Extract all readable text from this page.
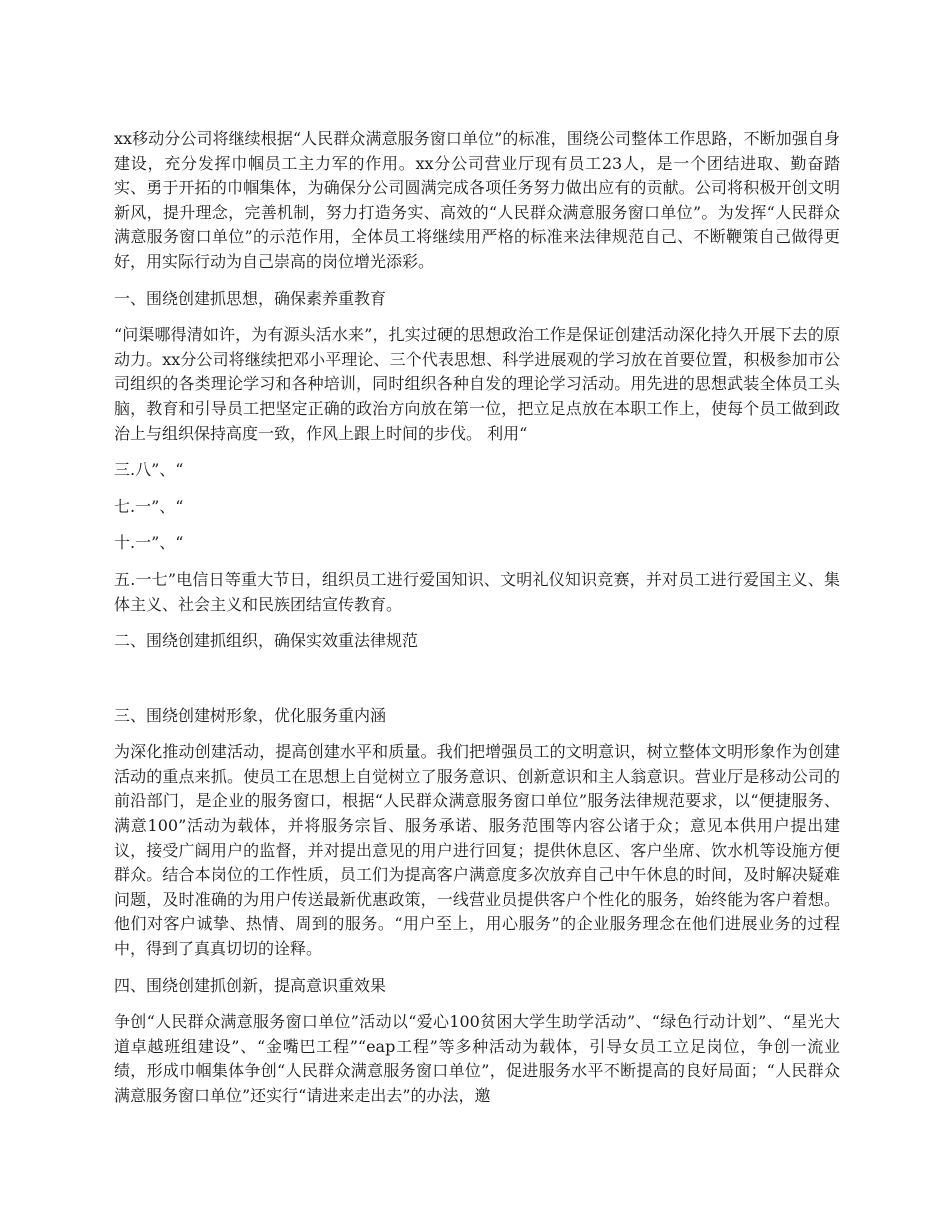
xx移动分公司将继续根据“人民群众满意服务窗口单位”的标准，围绕公司整体工作思路，不断加强自身建设，充分发挥巾帼员工主力军的作用。xx分公司营业厅现有员工23人，是一个团结进取、勤奋踏实、勇于开拓的巾帼集体，为确保分公司圆满完成各项任务努力做出应有的贡献。公司将积极开创文明新风，提升理念，完善机制，努力打造务实、高效的“人民群众满意服务窗口单位”。为发挥“人民群众满意服务窗口单位”的示范作用，全体员工将继续用严格的标准来法律规范自己、不断鞭策自己做得更好，用实际行动为自己崇高的岗位增光添彩。

一、围绕创建抓思想，确保素养重教育

“问渠哪得清如许，为有源头活水来”，扎实过硬的思想政治工作是保证创建活动深化持久开展下去的原动力。xx分公司将继续把邓小平理论、三个代表思想、科学进展观的学习放在首要位置，积极参加市公司组织的各类理论学习和各种培训，同时组织各种自发的理论学习活动。用先进的思想武装全体员工头脑，教育和引导员工把坚定正确的政治方向放在第一位，把立足点放在本职工作上，使每个员工做到政治上与组织保持高度一致，作风上跟上时间的步伐。 利用“

三.八”、“

七.一”、“

十.一”、“

五.一七”电信日等重大节日，组织员工进行爱国知识、文明礼仪知识竞赛，并对员工进行爱国主义、集体主义、社会主义和民族团结宣传教育。

二、围绕创建抓组织，确保实效重法律规范

三、围绕创建树形象，优化服务重内涵

为深化推动创建活动，提高创建水平和质量。我们把增强员工的文明意识，树立整体文明形象作为创建活动的重点来抓。使员工在思想上自觉树立了服务意识、创新意识和主人翁意识。营业厅是移动公司的前沿部门，是企业的服务窗口，根据“人民群众满意服务窗口单位”服务法律规范要求，以“便捷服务、满意100”活动为载体，并将服务宗旨、服务承诺、服务范围等内容公诸于众；意见本供用户提出建议，接受广阔用户的监督，并对提出意见的用户进行回复；提供休息区、客户坐席、饮水机等设施方便群众。结合本岗位的工作性质，员工们为提高客户满意度多次放弃自己中午休息的时间，及时解决疑难问题，及时准确的为用户传送最新优惠政策，一线营业员提供客户个性化的服务，始终能为客户着想。他们对客户诚挚、热情、周到的服务。“用户至上，用心服务”的企业服务理念在他们进展业务的过程中，得到了真真切切的诠释。

四、围绕创建抓创新，提高意识重效果

争创“人民群众满意服务窗口单位”活动以“爱心100贫困大学生助学活动”、“绿色行动计划”、“星光大道卓越班组建设”、“金嘴巴工程”“eap工程”等多种活动为载体，引导女员工立足岗位，争创一流业绩，形成巾帼集体争创“人民群众满意服务窗口单位”，促进服务水平不断提高的良好局面；“人民群众满意服务窗口单位”还实行“请进来走出去”的办法，邀
